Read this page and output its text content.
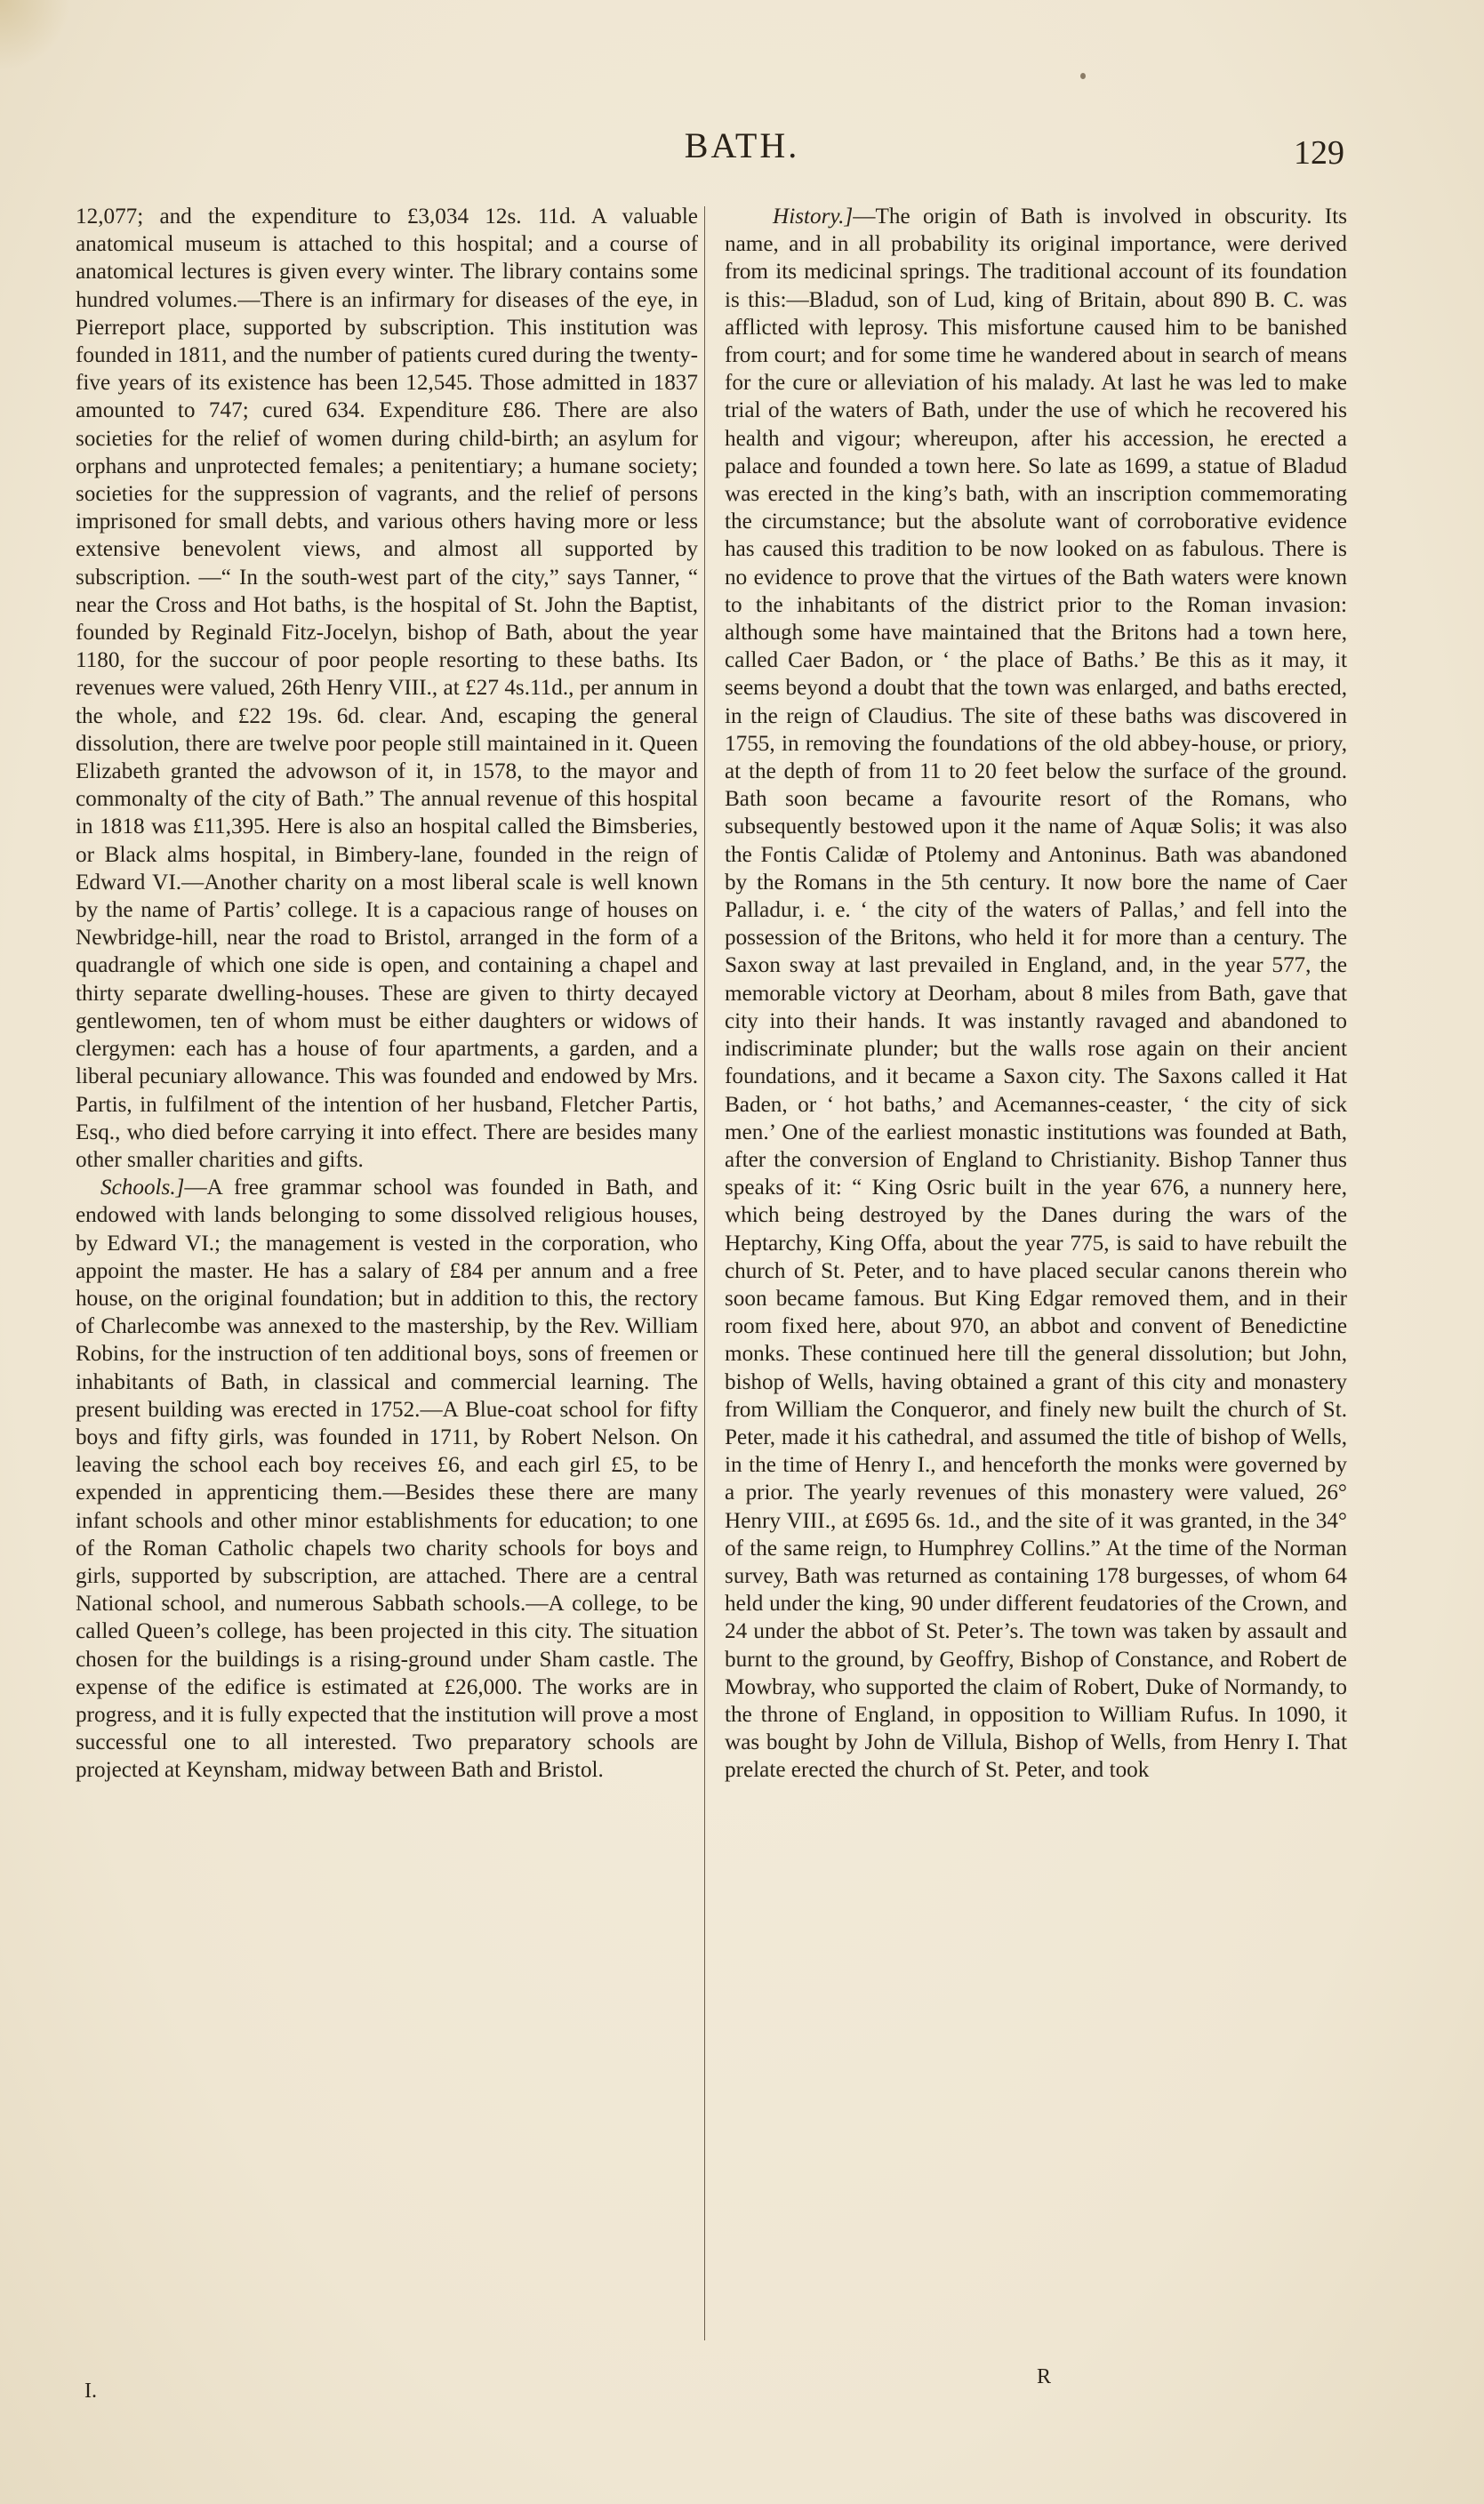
BATH.	129

12,077; and the expenditure to £3,034 12s. 11d. A valuable anatomical museum is attached to this hospital; and a course of anatomical lectures is given every winter. The library contains some hundred volumes.—There is an infirmary for diseases of the eye, in Pierreport place, supported by subscription. This institution was founded in 1811, and the number of patients cured during the twenty-five years of its existence has been 12,545. Those admitted in 1837 amounted to 747; cured 634. Expenditure £86. There are also societies for the relief of women during child-birth; an asylum for orphans and unprotected females; a penitentiary; a humane society; societies for the suppression of vagrants, and the relief of persons imprisoned for small debts, and various others having more or less extensive benevolent views, and almost all supported by subscription. —“ In the south-west part of the city,” says Tanner, “ near the Cross and Hot baths, is the hospital of St. John the Baptist, founded by Reginald Fitz-Jocelyn, bishop of Bath, about the year 1180, for the succour of poor people resorting to these baths. Its revenues were valued, 26th Henry VIII., at £27 4s.11d., per annum in the whole, and £22 19s. 6d. clear. And, escaping the general dissolution, there are twelve poor people still maintained in it. Queen Elizabeth granted the advowson of it, in 1578, to the mayor and commonalty of the city of Bath.” The annual revenue of this hospital in 1818 was £11,395. Here is also an hospital called the Bimsberies, or Black alms hospital, in Bimbery-lane, founded in the reign of Edward VI.—Another charity on a most liberal scale is well known by the name of Partis’ college. It is a capacious range of houses on Newbridge-hill, near the road to Bristol, arranged in the form of a quadrangle of which one side is open, and containing a chapel and thirty separate dwelling-houses. These are given to thirty decayed gentlewomen, ten of whom must be either daughters or widows of clergymen: each has a house of four apartments, a garden, and a liberal pecuniary allowance. This was founded and endowed by Mrs. Partis, in fulfilment of the intention of her husband, Fletcher Partis, Esq., who died before carrying it into effect. There are besides many other smaller charities and gifts.

Schools.]—A free grammar school was founded in Bath, and endowed with lands belonging to some dissolved religious houses, by Edward VI.; the management is vested in the corporation, who appoint the master. He has a salary of £84 per annum and a free house, on the original foundation; but in addition to this, the rectory of Charlecombe was annexed to the mastership, by the Rev. William Robins, for the instruction of ten additional boys, sons of freemen or inhabitants of Bath, in classical and commercial learning. The present building was erected in 1752.—A Blue-coat school for fifty boys and fifty girls, was founded in 1711, by Robert Nelson. On leaving the school each boy receives £6, and each girl £5, to be expended in apprenticing them.—Besides these there are many infant schools and other minor establishments for education; to one of the Roman Catholic chapels two charity schools for boys and girls, supported by subscription, are attached. There are a central National school, and numerous Sabbath schools.—A college, to be called Queen’s college, has been projected in this city. The situation chosen for the buildings is a rising-ground under Sham castle. The expense of the edifice is estimated at £26,000. The works are in progress, and it is fully expected that the institution will prove a most successful one to all interested. Two preparatory schools are projected at Keynsham, midway between Bath and Bristol.

History.]—The origin of Bath is involved in obscurity. Its name, and in all probability its original importance, were derived from its medicinal springs. The traditional account of its foundation is this:—Bladud, son of Lud, king of Britain, about 890 B. C. was afflicted with leprosy. This misfortune caused him to be banished from court; and for some time he wandered about in search of means for the cure or alleviation of his malady. At last he was led to make trial of the waters of Bath, under the use of which he recovered his health and vigour; whereupon, after his accession, he erected a palace and founded a town here. So late as 1699, a statue of Bladud was erected in the king’s bath, with an inscription commemorating the circumstance; but the absolute want of corroborative evidence has caused this tradition to be now looked on as fabulous. There is no evidence to prove that the virtues of the Bath waters were known to the inhabitants of the district prior to the Roman invasion: although some have maintained that the Britons had a town here, called Caer Badon, or ‘ the place of Baths.’ Be this as it may, it seems beyond a doubt that the town was enlarged, and baths erected, in the reign of Claudius. The site of these baths was discovered in 1755, in removing the foundations of the old abbey-house, or priory, at the depth of from 11 to 20 feet below the surface of the ground. Bath soon became a favourite resort of the Romans, who subsequently bestowed upon it the name of Aquæ Solis; it was also the Fontis Calidæ of Ptolemy and Antoninus. Bath was abandoned by the Romans in the 5th century. It now bore the name of Caer Palladur, i. e. ‘ the city of the waters of Pallas,’ and fell into the possession of the Britons, who held it for more than a century. The Saxon sway at last prevailed in England, and, in the year 577, the memorable victory at Deorham, about 8 miles from Bath, gave that city into their hands. It was instantly ravaged and abandoned to indiscriminate plunder; but the walls rose again on their ancient foundations, and it became a Saxon city. The Saxons called it Hat Baden, or ‘ hot baths,’ and Acemannes-ceaster, ‘ the city of sick men.’ One of the earliest monastic institutions was founded at Bath, after the conversion of England to Christianity. Bishop Tanner thus speaks of it: “ King Osric built in the year 676, a nunnery here, which being destroyed by the Danes during the wars of the Heptarchy, King Offa, about the year 775, is said to have rebuilt the church of St. Peter, and to have placed secular canons therein who soon became famous. But King Edgar removed them, and in their room fixed here, about 970, an abbot and convent of Benedictine monks. These continued here till the general dissolution; but John, bishop of Wells, having obtained a grant of this city and monastery from William the Conqueror, and finely new built the church of St. Peter, made it his cathedral, and assumed the title of bishop of Wells, in the time of Henry I., and henceforth the monks were governed by a prior. The yearly revenues of this monastery were valued, 26° Henry VIII., at £695 6s. 1d., and the site of it was granted, in the 34° of the same reign, to Humphrey Collins.” At the time of the Norman survey, Bath was returned as containing 178 burgesses, of whom 64 held under the king, 90 under different feudatories of the Crown, and 24 under the abbot of St. Peter’s. The town was taken by assault and burnt to the ground, by Geoffry, Bishop of Constance, and Robert de Mowbray, who supported the claim of Robert, Duke of Normandy, to the throne of England, in opposition to William Rufus. In 1090, it was bought by John de Villula, Bishop of Wells, from Henry I. That prelate erected the church of St. Peter, and took

I.
R
